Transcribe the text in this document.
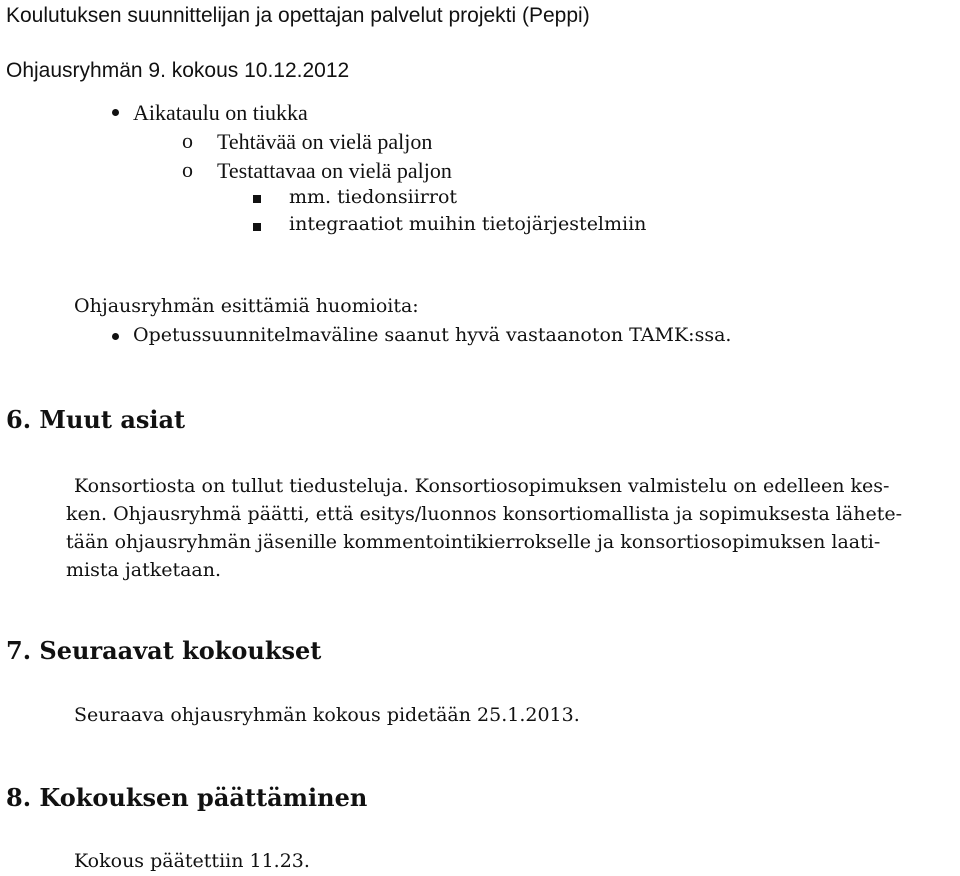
Koulutuksen suunnittelijan ja opettajan palvelut projekti (Peppi)
Ohjausryhmän 9. kokous 10.12.2012
Aikataulu on tiukka
o Tehtävää on vielä paljon
o Testattavaa on vielä paljon
mm. tiedonsiirrot
integraatiot muihin tietojärjestelmiin
Ohjausryhmän esittämiä huomioita:
Opetussuunnitelmaväline saanut hyvä vastaanoton TAMK:ssa.
6. Muut asiat
Konsortiosta on tullut tiedusteluja. Konsortiosopimuksen valmistelu on edelleen kes-
ken. Ohjausryhmä päätti, että esitys/luonnos konsortiomallista ja sopimuksesta lähete-
tään ohjausryhmän jäsenille kommentointikierrokselle ja konsortiosopimuksen laati-
mista jatketaan.
7. Seuraavat kokoukset
Seuraava ohjausryhmän kokous pidetään 25.1.2013.
8. Kokouksen päättäminen
Kokous päätettiin 11.23.
